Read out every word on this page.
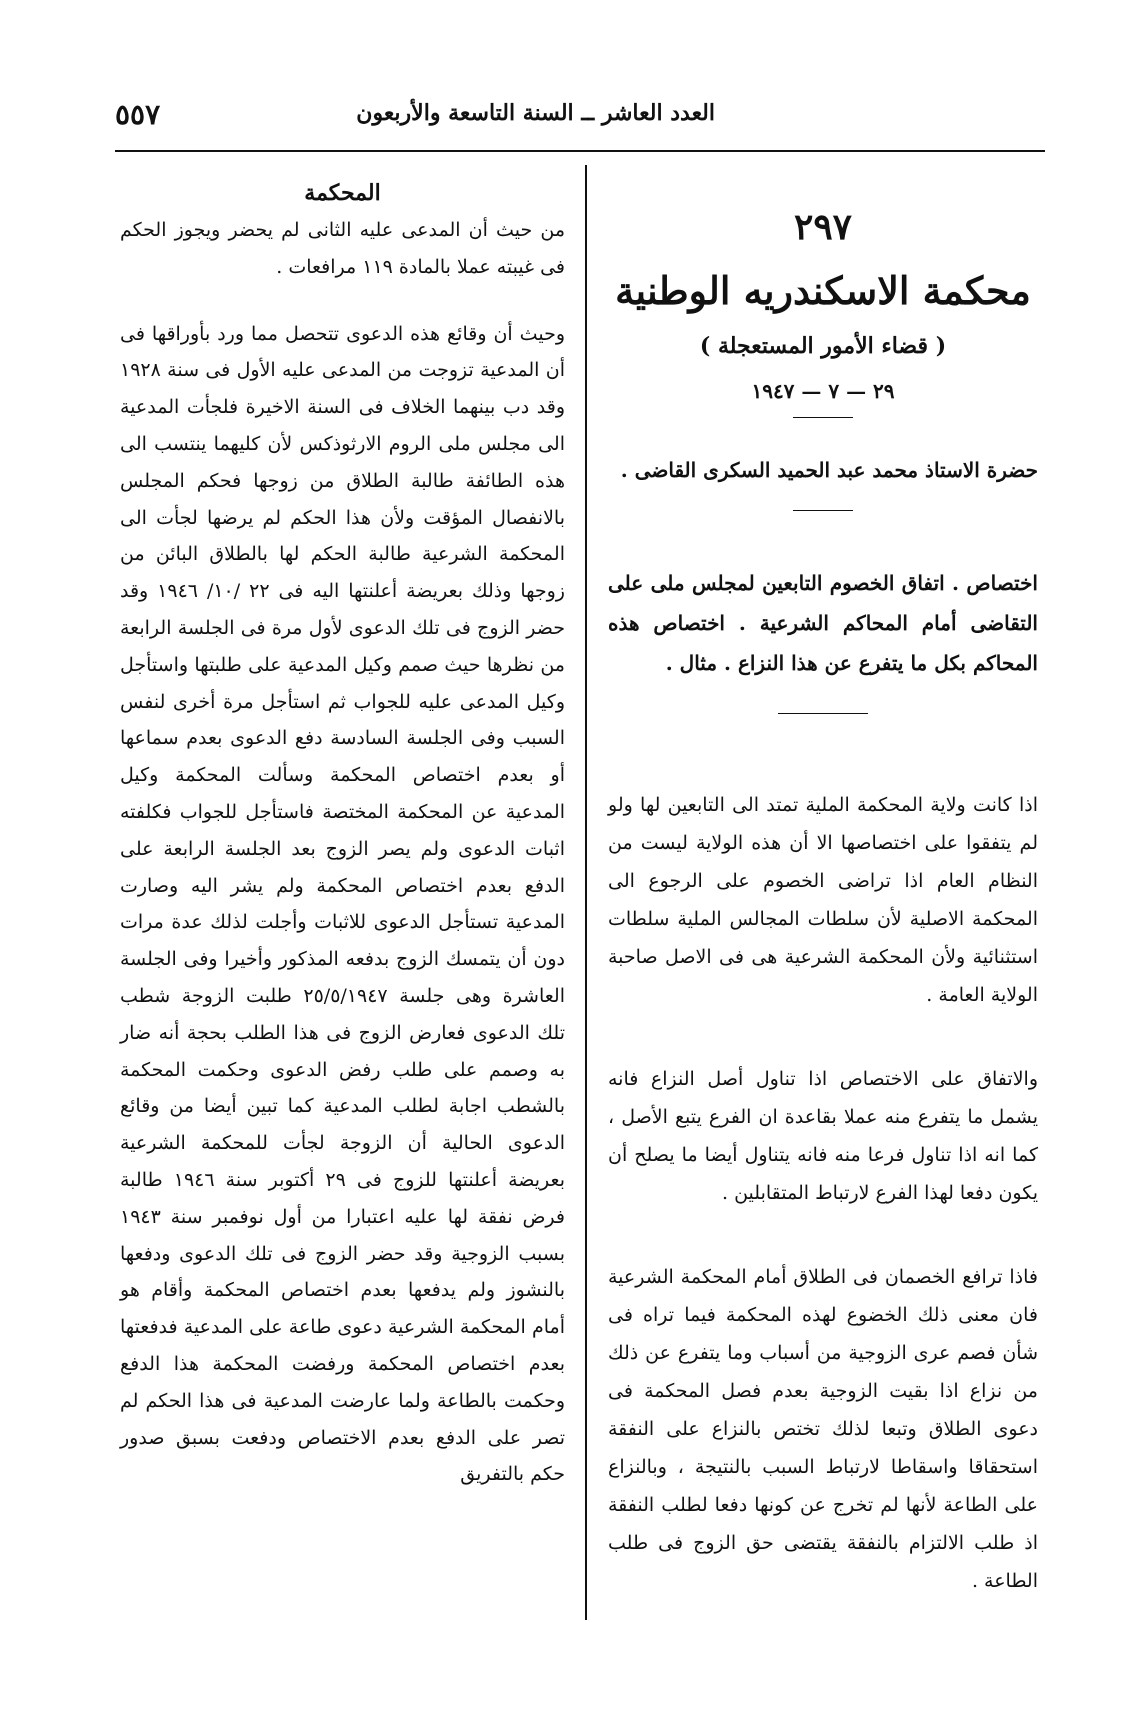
العدد العاشر ــ السنة التاسعة والأربعون
٥٥٧
٢٩٧
محكمة الاسكندريه الوطنية
( قضاء الأمور المستعجلة )
٢٩ — ٧ — ١٩٤٧
حضرة الاستاذ محمد عبد الحميد السكرى القاضى .
اختصاص . اتفاق الخصوم التابعين لمجلس ملى على التقاضى أمام المحاكم الشرعية . اختصاص هذه المحاكم بكل ما يتفرع عن هذا النزاع . مثال .

اذا كانت ولاية المحكمة الملية تمتد الى التابعين لها ولو لم يتفقوا على اختصاصها الا أن هذه الولاية ليست من النظام العام اذا تراضى الخصوم على الرجوع الى المحكمة الاصلية لأن سلطات المجالس الملية سلطات استثنائية ولأن المحكمة الشرعية هى فى الاصل صاحبة الولاية العامة .

والاتفاق على الاختصاص اذا تناول أصل النزاع فانه يشمل ما يتفرع منه عملا بقاعدة ان الفرع يتبع الأصل ، كما انه اذا تناول فرعا منه فانه يتناول أيضا ما يصلح أن يكون دفعا لهذا الفرع لارتباط المتقابلين .

فاذا ترافع الخصمان فى الطلاق أمام المحكمة الشرعية فان معنى ذلك الخضوع لهذه المحكمة فيما تراه فى شأن فصم عرى الزوجية من أسباب وما يتفرع عن ذلك من نزاع اذا بقيت الزوجية بعدم فصل المحكمة فى دعوى الطلاق وتبعا لذلك تختص بالنزاع على النفقة استحقاقا واسقاطا لارتباط السبب بالنتيجة ، وبالنزاع على الطاعة لأنها لم تخرج عن كونها دفعا لطلب النفقة اذ طلب الالتزام بالنفقة يقتضى حق الزوج فى طلب الطاعة .

المحكمة

من حيث أن المدعى عليه الثانى لم يحضر ويجوز الحكم فى غيبته عملا بالمادة ١١٩ مرافعات .

وحيث أن وقائع هذه الدعوى تتحصل مما ورد بأوراقها فى أن المدعية تزوجت من المدعى عليه الأول فى سنة ١٩٢٨ وقد دب بينهما الخلاف فى السنة الاخيرة فلجأت المدعية الى مجلس ملى الروم الارثوذكس لأن كليهما ينتسب الى هذه الطائفة طالبة الطلاق من زوجها فحكم المجلس بالانفصال المؤقت ولأن هذا الحكم لم يرضها لجأت الى المحكمة الشرعية طالبة الحكم لها بالطلاق البائن من زوجها وذلك بعريضة أعلنتها اليه فى ٢٢ /١٠/ ١٩٤٦ وقد حضر الزوج فى تلك الدعوى لأول مرة فى الجلسة الرابعة من نظرها حيث صمم وكيل المدعية على طلبتها واستأجل وكيل المدعى عليه للجواب ثم استأجل مرة أخرى لنفس السبب وفى الجلسة السادسة دفع الدعوى بعدم سماعها أو بعدم اختصاص المحكمة وسألت المحكمة وكيل المدعية عن المحكمة المختصة فاستأجل للجواب فكلفته اثبات الدعوى ولم يصر الزوج بعد الجلسة الرابعة على الدفع بعدم اختصاص المحكمة ولم يشر اليه وصارت المدعية تستأجل الدعوى للاثبات وأجلت لذلك عدة مرات دون أن يتمسك الزوج بدفعه المذكور وأخيرا وفى الجلسة العاشرة وهى جلسة ٢٥/٥/١٩٤٧ طلبت الزوجة شطب تلك الدعوى فعارض الزوج فى هذا الطلب بحجة أنه ضار به وصمم على طلب رفض الدعوى وحكمت المحكمة بالشطب اجابة لطلب المدعية كما تبين أيضا من وقائع الدعوى الحالية أن الزوجة لجأت للمحكمة الشرعية بعريضة أعلنتها للزوج فى ٢٩ أكتوبر سنة ١٩٤٦ طالبة فرض نفقة لها عليه اعتبارا من أول نوفمبر سنة ١٩٤٣ بسبب الزوجية وقد حضر الزوج فى تلك الدعوى ودفعها بالنشوز ولم يدفعها بعدم اختصاص المحكمة وأقام هو أمام المحكمة الشرعية دعوى طاعة على المدعية فدفعتها بعدم اختصاص المحكمة ورفضت المحكمة هذا الدفع وحكمت بالطاعة ولما عارضت المدعية فى هذا الحكم لم تصر على الدفع بعدم الاختصاص ودفعت بسبق صدور حكم بالتفريق
